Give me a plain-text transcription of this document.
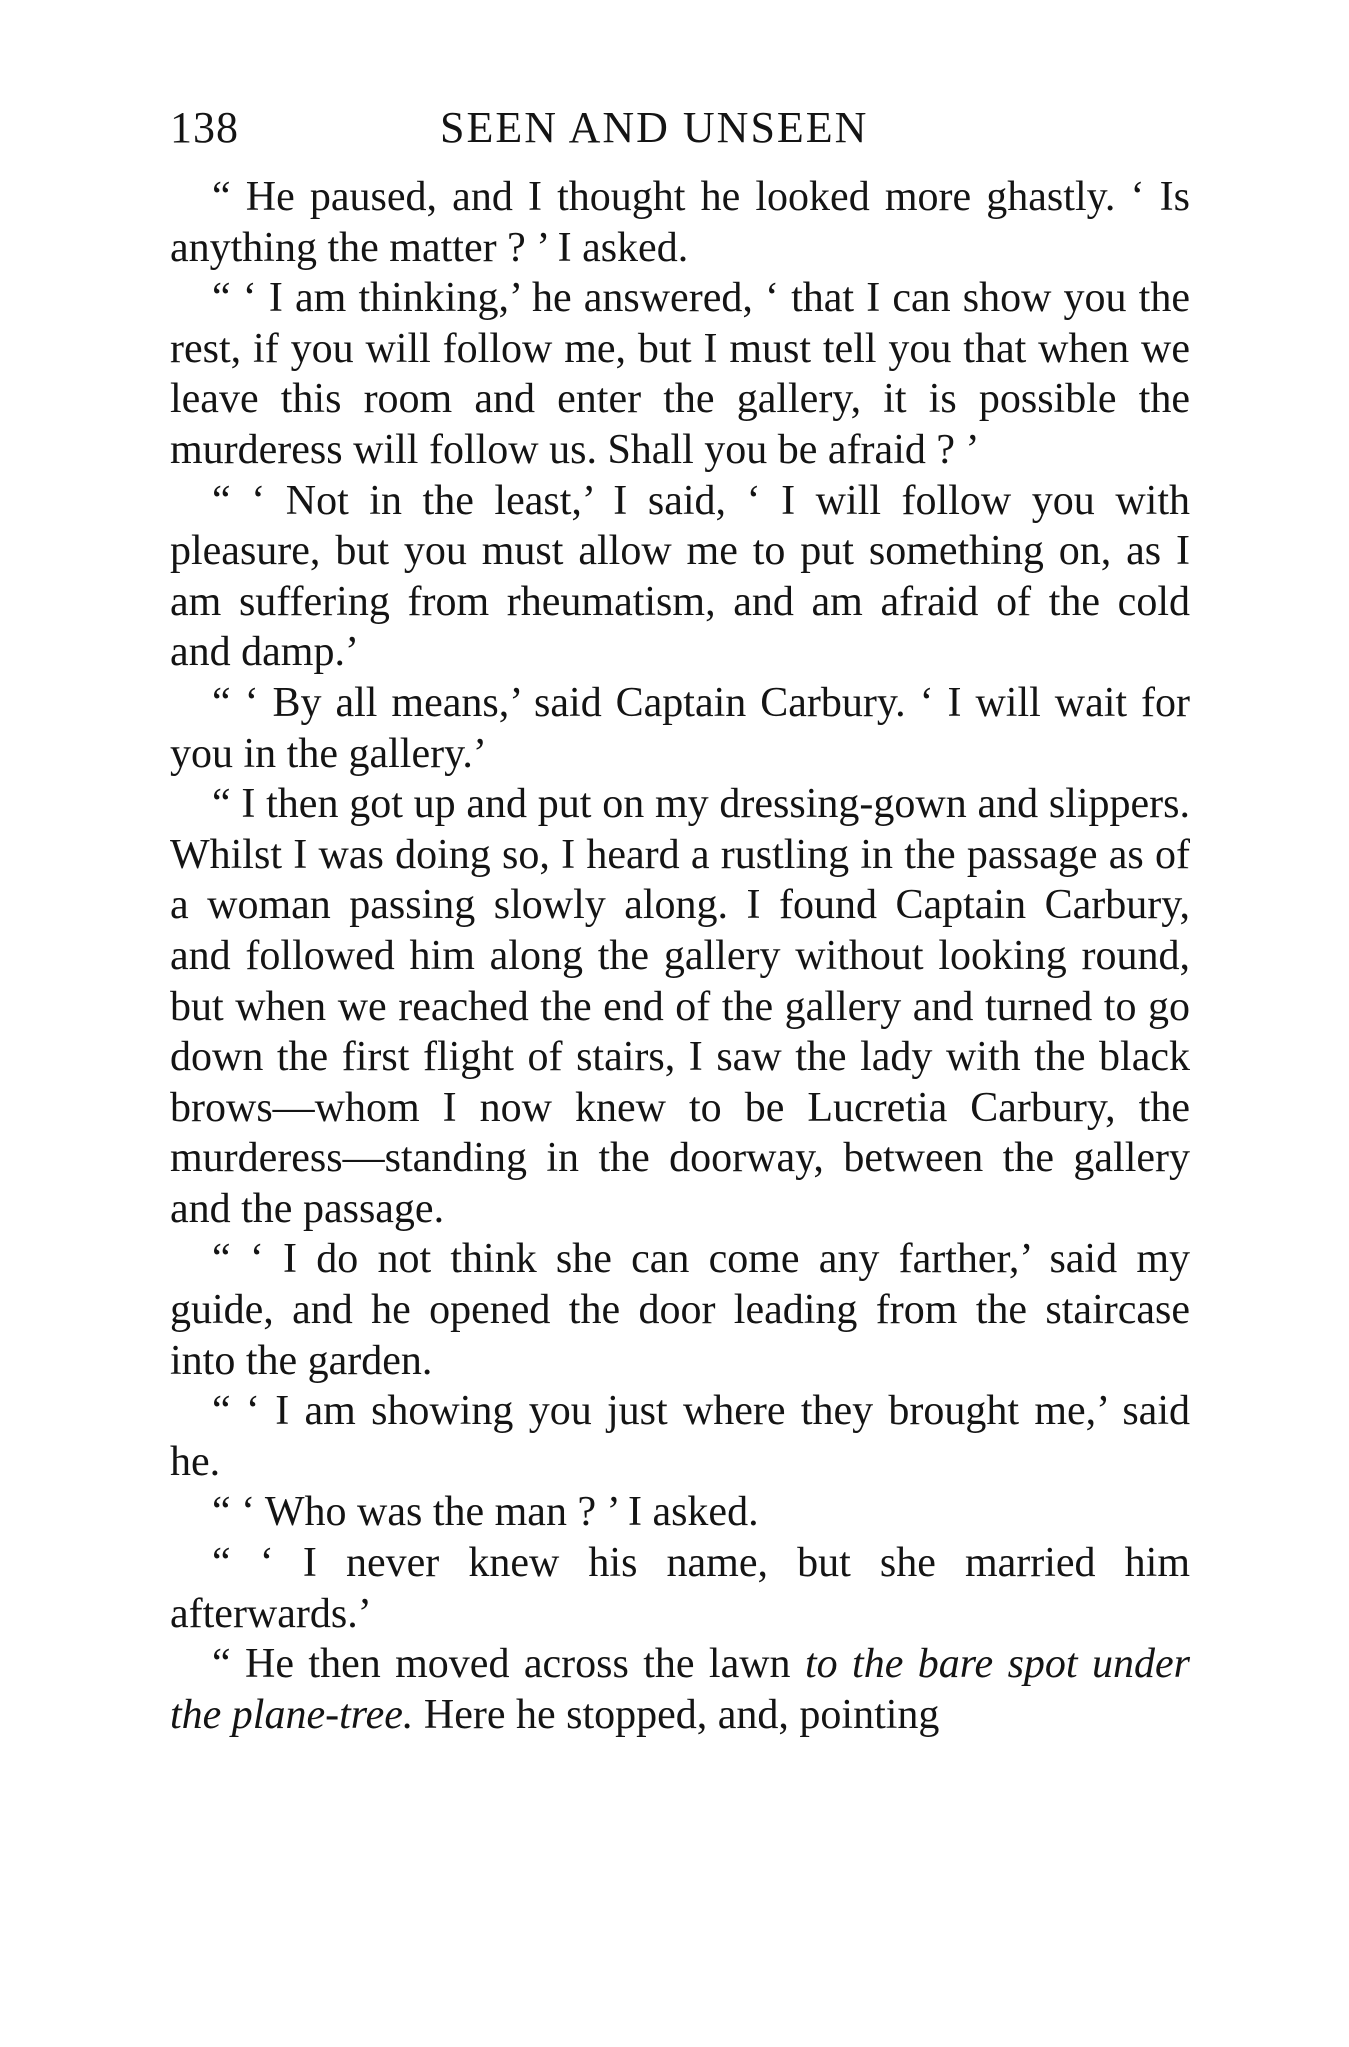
138	SEEN AND UNSEEN

“ He paused, and I thought he looked more ghastly. ‘ Is anything the matter ? ’ I asked.

“ ‘ I am thinking,’ he answered, ‘ that I can show you the rest, if you will follow me, but I must tell you that when we leave this room and enter the gallery, it is possible the murderess will follow us. Shall you be afraid ? ’

“ ‘ Not in the least,’ I said, ‘ I will follow you with pleasure, but you must allow me to put something on, as I am suffering from rheumatism, and am afraid of the cold and damp.’

“ ‘ By all means,’ said Captain Carbury. ‘ I will wait for you in the gallery.’

“ I then got up and put on my dressing-gown and slippers. Whilst I was doing so, I heard a rustling in the passage as of a woman passing slowly along. I found Captain Carbury, and followed him along the gallery without looking round, but when we reached the end of the gallery and turned to go down the first flight of stairs, I saw the lady with the black brows—whom I now knew to be Lucretia Carbury, the murderess—standing in the doorway, between the gallery and the passage.

“ ‘ I do not think she can come any farther,’ said my guide, and he opened the door leading from the staircase into the garden.

“ ‘ I am showing you just where they brought me,’ said he.

“ ‘ Who was the man ? ’ I asked.

“ ‘ I never knew his name, but she married him afterwards.’

“ He then moved across the lawn to the bare spot under the plane-tree. Here he stopped, and, pointing
